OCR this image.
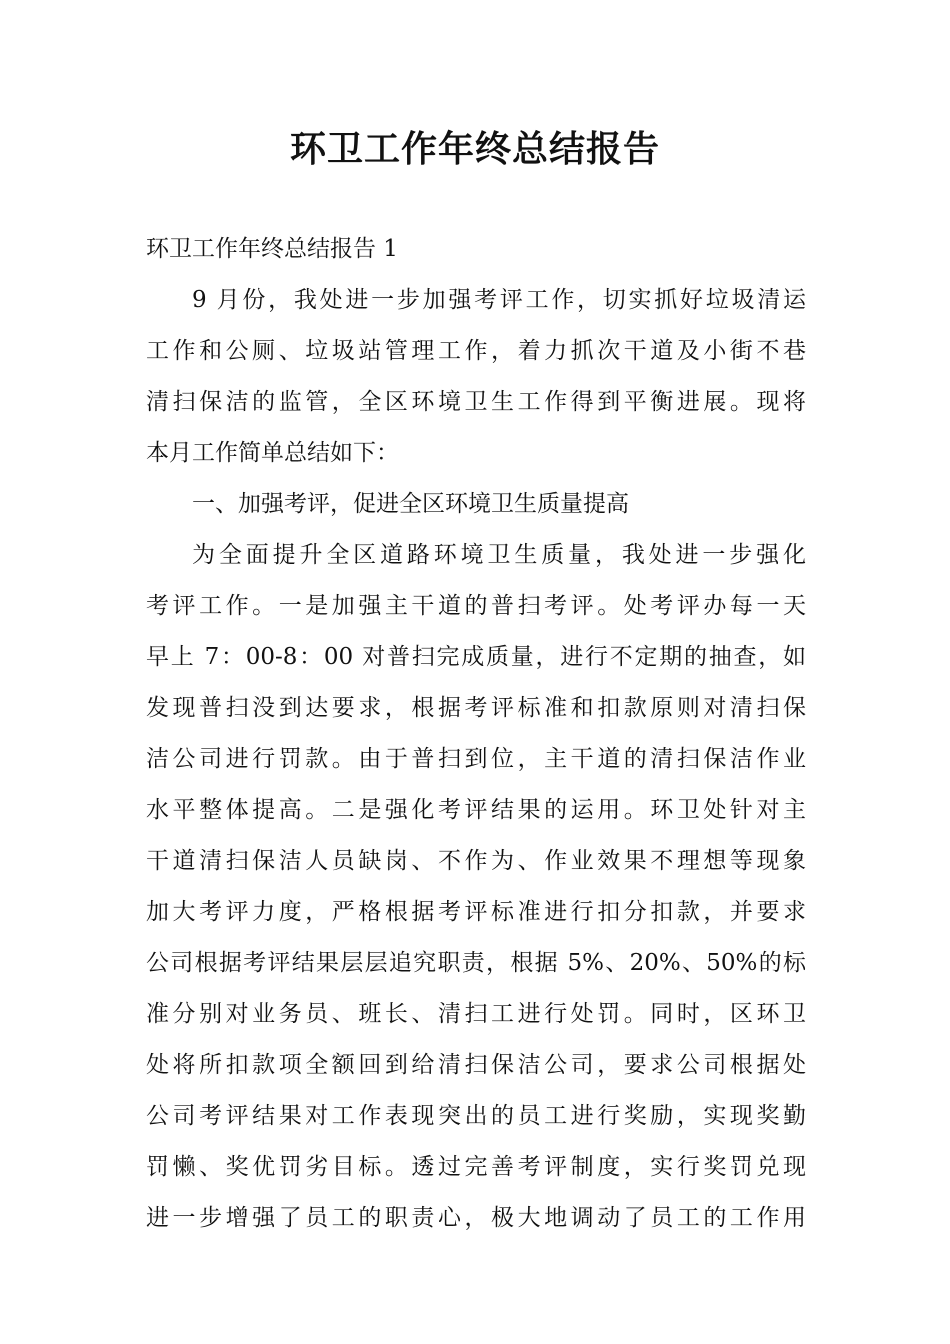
环卫工作年终总结报告

环卫工作年终总结报告 1

9 月份，我处进一步加强考评工作，切实抓好垃圾清运
工作和公厕、垃圾站管理工作，着力抓次干道及小街不巷
清扫保洁的监管，全区环境卫生工作得到平衡进展。现将
本月工作简单总结如下：

一、加强考评，促进全区环境卫生质量提高

为全面提升全区道路环境卫生质量，我处进一步强化
考评工作。一是加强主干道的普扫考评。处考评办每一天
早上 7：00-8：00 对普扫完成质量，进行不定期的抽查，如
发现普扫没到达要求，根据考评标准和扣款原则对清扫保
洁公司进行罚款。由于普扫到位，主干道的清扫保洁作业
水平整体提高。二是强化考评结果的运用。环卫处针对主
干道清扫保洁人员缺岗、不作为、作业效果不理想等现象
加大考评力度，严格根据考评标准进行扣分扣款，并要求
公司根据考评结果层层追究职责，根据 5%、20%、50%的标
准分别对业务员、班长、清扫工进行处罚。同时，区环卫
处将所扣款项全额回到给清扫保洁公司，要求公司根据处
公司考评结果对工作表现突出的员工进行奖励，实现奖勤
罚懒、奖优罚劣目标。透过完善考评制度，实行奖罚兑现
进一步增强了员工的职责心，极大地调动了员工的工作用
